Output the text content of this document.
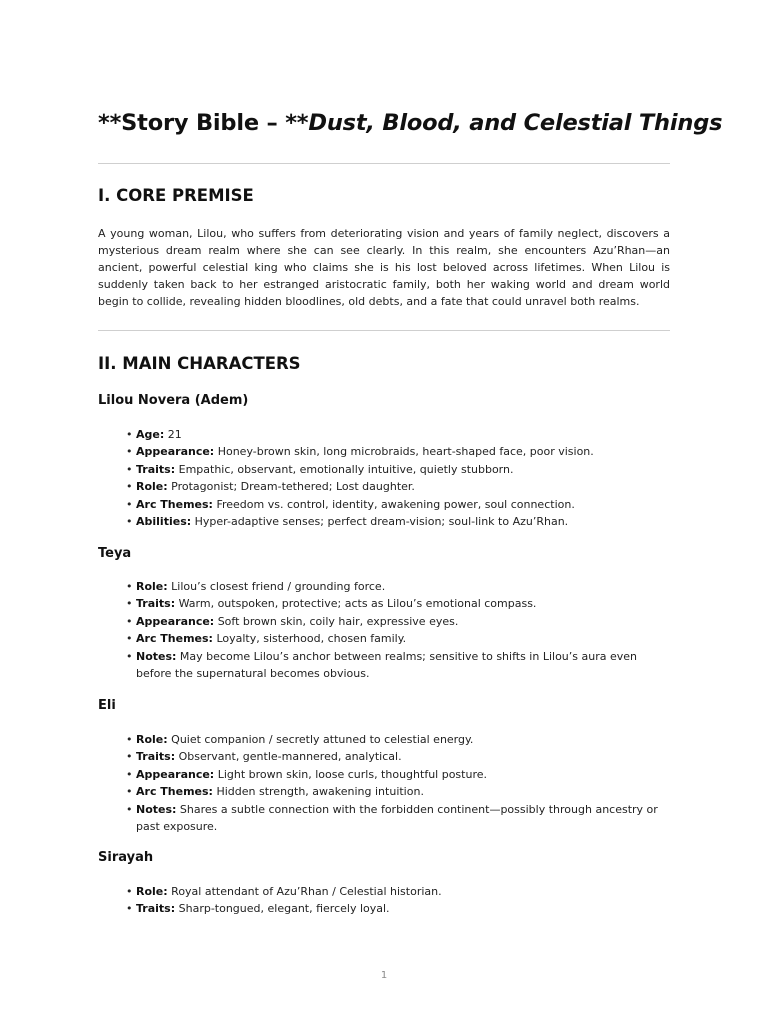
**Story Bible – **Dust, Blood, and Celestial Things
I. CORE PREMISE

A young woman, Lilou, who suffers from deteriorating vision and years of family neglect, discovers a mysterious dream realm where she can see clearly. In this realm, she encounters Azu’Rhan—an ancient, powerful celestial king who claims she is his lost beloved across lifetimes. When Lilou is suddenly taken back to her estranged aristocratic family, both her waking world and dream world begin to collide, revealing hidden bloodlines, old debts, and a fate that could unravel both realms.

II. MAIN CHARACTERS
Lilou Novera (Adem)
• Age: 21
• Appearance: Honey-brown skin, long microbraids, heart-shaped face, poor vision.
• Traits: Empathic, observant, emotionally intuitive, quietly stubborn.
• Role: Protagonist; Dream-tethered; Lost daughter.
• Arc Themes: Freedom vs. control, identity, awakening power, soul connection.
• Abilities: Hyper-adaptive senses; perfect dream-vision; soul-link to Azu’Rhan.
Teya
• Role: Lilou’s closest friend / grounding force.
• Traits: Warm, outspoken, protective; acts as Lilou’s emotional compass.
• Appearance: Soft brown skin, coily hair, expressive eyes.
• Arc Themes: Loyalty, sisterhood, chosen family.
• Notes: May become Lilou’s anchor between realms; sensitive to shifts in Lilou’s aura even before the supernatural becomes obvious.
Eli
• Role: Quiet companion / secretly attuned to celestial energy.
• Traits: Observant, gentle-mannered, analytical.
• Appearance: Light brown skin, loose curls, thoughtful posture.
• Arc Themes: Hidden strength, awakening intuition.
• Notes: Shares a subtle connection with the forbidden continent—possibly through ancestry or past exposure.
Sirayah
• Role: Royal attendant of Azu’Rhan / Celestial historian.
• Traits: Sharp-tongued, elegant, fiercely loyal.
1
